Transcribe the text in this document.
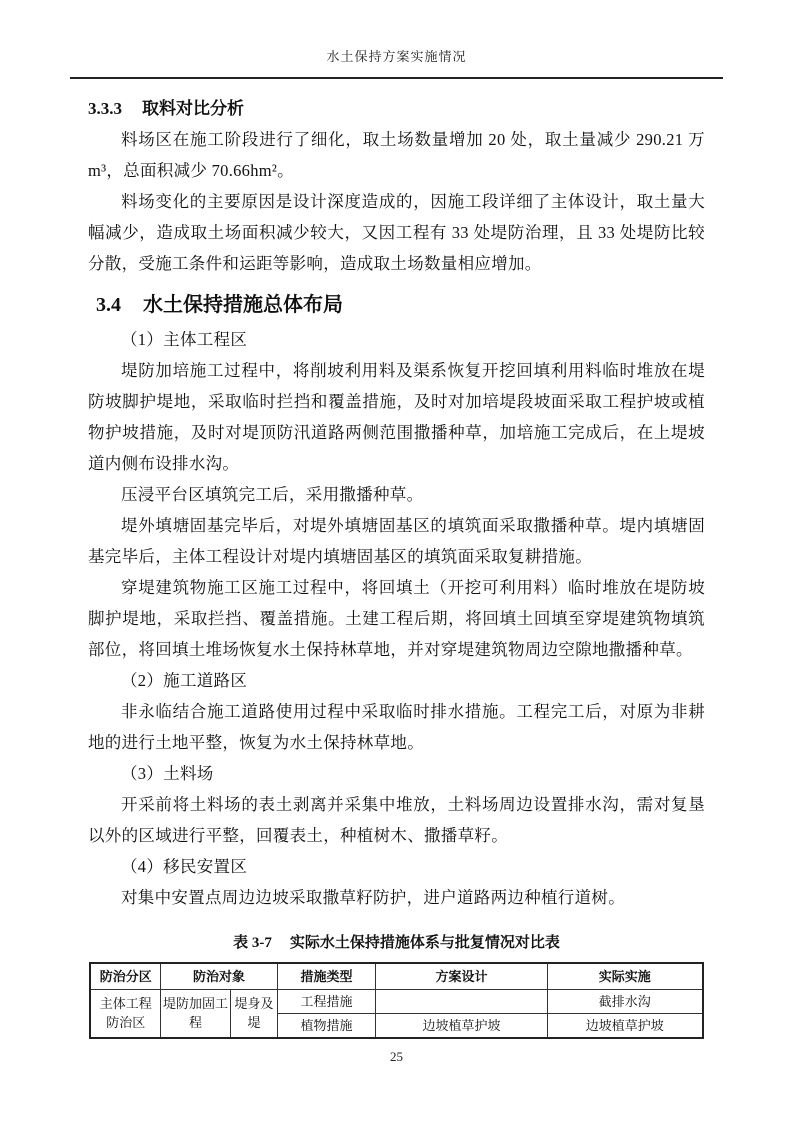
水土保持方案实施情况
3.3.3 取料对比分析

料场区在施工阶段进行了细化，取土场数量增加 20 处，取土量减少 290.21 万 m³，总面积减少 70.66hm²。

料场变化的主要原因是设计深度造成的，因施工段详细了主体设计，取土量大幅减少，造成取土场面积减少较大，又因工程有 33 处堤防治理，且 33 处堤防比较分散，受施工条件和运距等影响，造成取土场数量相应增加。

3.4 水土保持措施总体布局

（1）主体工程区

堤防加培施工过程中，将削坡利用料及渠系恢复开挖回填利用料临时堆放在堤防坡脚护堤地，采取临时拦挡和覆盖措施，及时对加培堤段坡面采取工程护坡或植物护坡措施，及时对堤顶防汛道路两侧范围撒播种草，加培施工完成后，在上堤坡道内侧布设排水沟。

压浸平台区填筑完工后，采用撒播种草。

堤外填塘固基完毕后，对堤外填塘固基区的填筑面采取撒播种草。堤内填塘固基完毕后，主体工程设计对堤内填塘固基区的填筑面采取复耕措施。

穿堤建筑物施工区施工过程中，将回填土（开挖可利用料）临时堆放在堤防坡脚护堤地，采取拦挡、覆盖措施。土建工程后期，将回填土回填至穿堤建筑物填筑部位，将回填土堆场恢复水土保持林草地，并对穿堤建筑物周边空隙地撒播种草。

（2）施工道路区

非永临结合施工道路使用过程中采取临时排水措施。工程完工后，对原为非耕地的进行土地平整，恢复为水土保持林草地。

（3）土料场

开采前将土料场的表土剥离并采集中堆放，土料场周边设置排水沟，需对复垦以外的区域进行平整，回覆表土，种植树木、撒播草籽。

（4）移民安置区

对集中安置点周边边坡采取撒草籽防护，进户道路两边种植行道树。

表 3-7 实际水土保持措施体系与批复情况对比表
防治分区	防治对象		措施类型	方案设计	实际实施
主体工程防治区	堤防加固工程	堤身及堤	工程措施		截排水沟
			植物措施	边坡植草护坡	边坡植草护坡
25
